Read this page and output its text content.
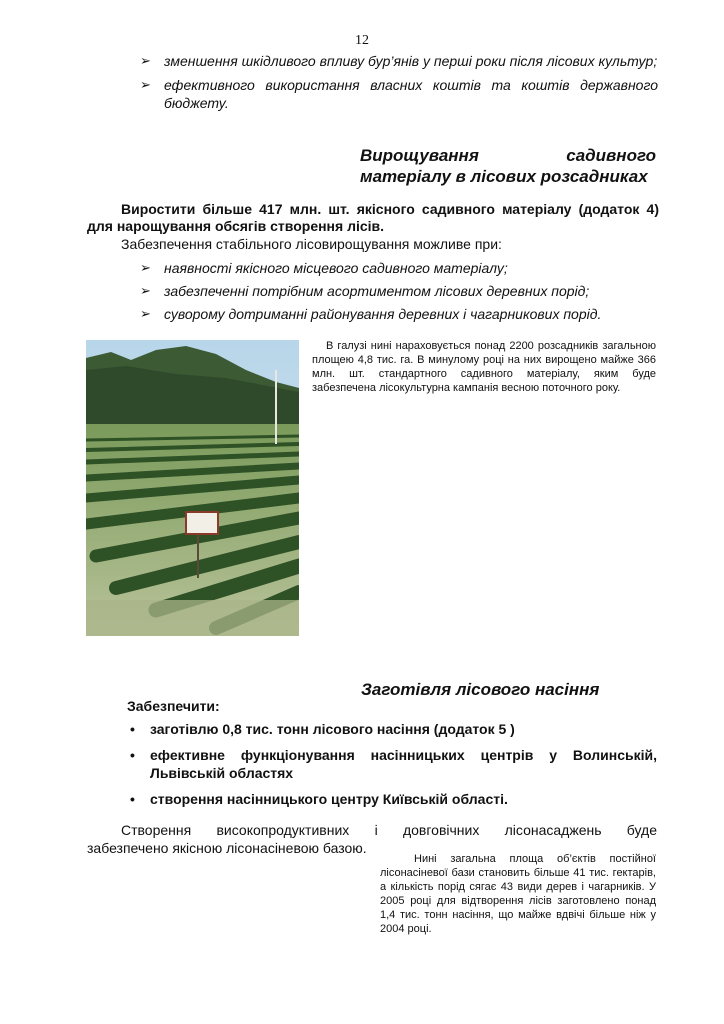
12
➢ зменшення шкідливого впливу бур’янів у перші роки після лісових культур;
➢ ефективного використання власних коштів та коштів державного бюджету.
Вирощування	садивного
матеріалу в лісових розсадниках
Виростити більше 417 млн. шт. якісного садивного матеріалу (додаток 4) для нарощування обсягів створення лісів.
Забезпечення стабільного лісовирощування можливе при:
➢ наявності якісного місцевого садивного матеріалу;
➢ забезпеченні потрібним асортиментом лісових деревних порід;
➢ суворому дотриманні районування деревних і чагарникових порід.
В галузі нині нараховується понад 2200 розсадників загальною площею 4,8 тис. га. В минулому році на них вирощено майже 366 млн. шт. стандартного садивного матеріалу, яким буде забезпечена лісокультурна кампанія весною поточного року.
Заготівля лісового насіння
Забезпечити:
• заготівлю 0,8 тис. тонн лісового насіння (додаток 5 )
• ефективне функціонування насінницьких центрів у Волинській, Львівській областях
• створення насінницького центру Київській області.
Створення високопродуктивних і довговічних лісонасаджень буде
забезпечено якісною лісонасіневою базою.
Нині загальна площа об’єктів постійної лісонасіневої бази становить більше 41 тис. гектарів, а кількість порід сягає 43 види дерев і чагарників. У 2005 році для відтворення лісів заготовлено понад 1,4 тис. тонн насіння, що майже вдвічі більше ніж у 2004 році.
